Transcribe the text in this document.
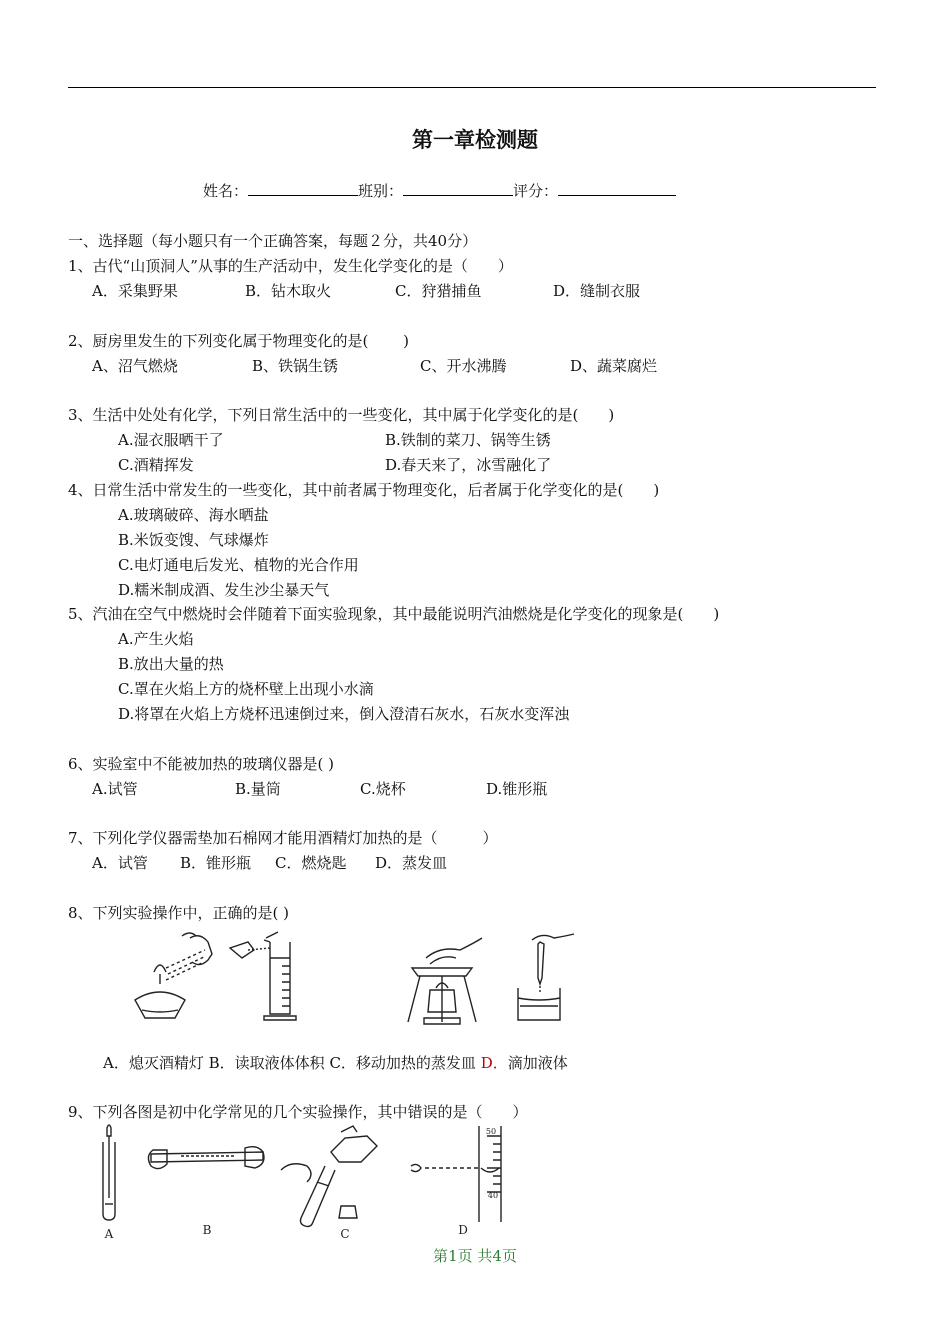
第一章检测题
姓名：	班别：	评分：
一、选择题（每小题只有一个正确答案，每题２分，共40分）
1、古代“山顶洞人”从事的生产活动中，发生化学变化的是（　　）
A．采集野果	B．钻木取火	C．狩猎捕鱼	D．缝制衣服
2、厨房里发生的下列变化属于物理变化的是(　　 )
A、沼气燃烧	B、铁锅生锈	C、开水沸腾	D、蔬菜腐烂
3、生活中处处有化学，下列日常生活中的一些变化，其中属于化学变化的是(　　)
A.湿衣服晒干了	B.铁制的菜刀、锅等生锈
C.酒精挥发	D.春天来了，冰雪融化了
4、日常生活中常发生的一些变化，其中前者属于物理变化，后者属于化学变化的是(　　)
A.玻璃破碎、海水晒盐
B.米饭变馊、气球爆炸
C.电灯通电后发光、植物的光合作用
D.糯米制成酒、发生沙尘暴天气
5、汽油在空气中燃烧时会伴随着下面实验现象，其中最能说明汽油燃烧是化学变化的现象是(　　)
A.产生火焰
B.放出大量的热
C.罩在火焰上方的烧杯壁上出现小水滴
D.将罩在火焰上方烧杯迅速倒过来，倒入澄清石灰水，石灰水变浑浊
6、实验室中不能被加热的玻璃仪器是( )
A.试管	B.量筒	C.烧杯	D.锥形瓶
7、下列化学仪器需垫加石棉网才能用酒精灯加热的是（　　　）
A．试管 B．锥形瓶 C．燃烧匙 D．蒸发皿
8、下列实验操作中，正确的是( )
A．熄灭酒精灯 B．读取液体体积 C．移动加热的蒸发皿 D．滴加液体
9、下列各图是初中化学常见的几个实验操作，其中错误的是（　　）
A	B	C
50
40
D
第1页 共4页
